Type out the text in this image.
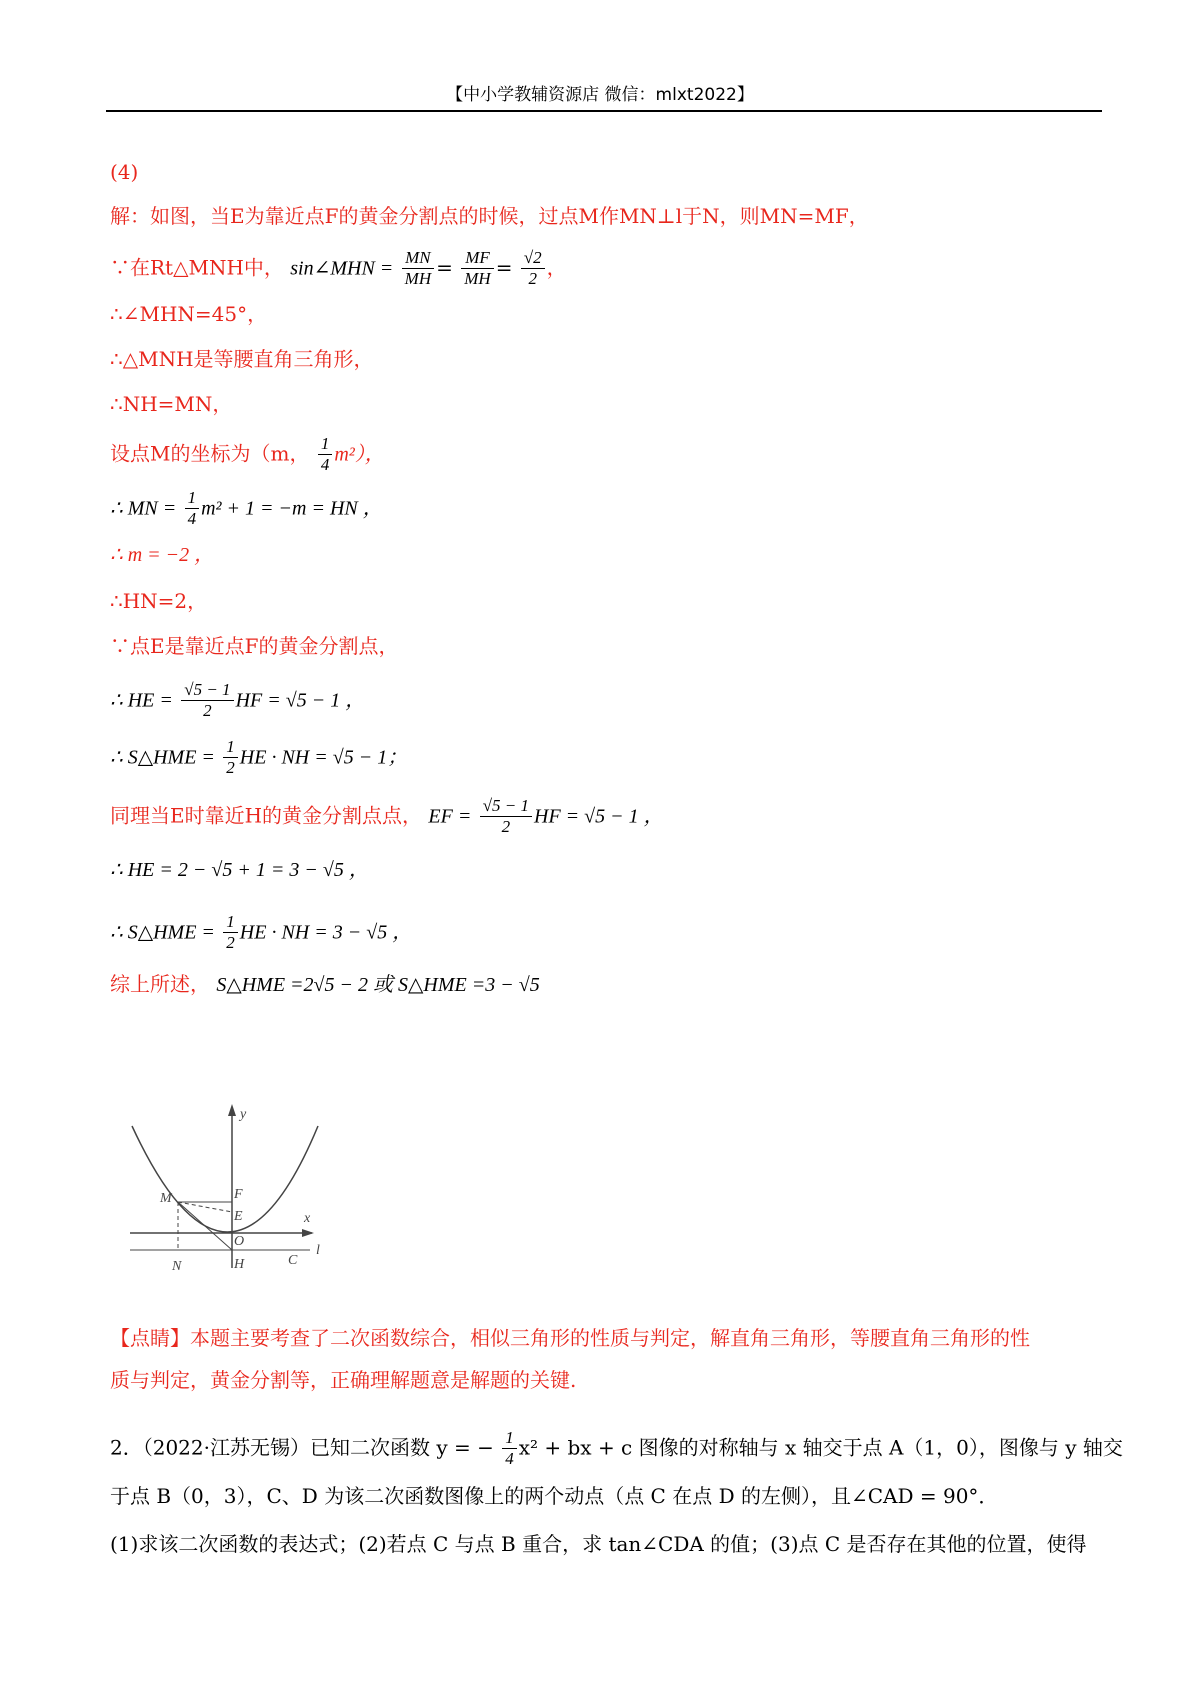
【中小学教辅资源店 微信：mlxt2022】
(4)
解：如图，当E为靠近点F的黄金分割点的时候，过点M作MN⊥l于N，则MN=MF，
∵在Rt△MNH中， sin∠MHN = $\frac{MN}{MH} = \frac{MF}{MH} = \frac{√2}{2}$ ，
∴∠MHN=45°，
∴△MNH是等腰直角三角形，
∴NH=MN，
设点M的坐标为（m， $\frac{1}{4} m^2$），
∴ MN = $\frac{1}{4} m^2 + 1 = -m$ = HN ，
∴ m = −2 ，
∴HN=2，
∵点E是靠近点F的黄金分割点，
∴ HE = $\frac{√5 - 1}{2}$ HF = √5 − 1 ，
∴ S△HME = $\frac{1}{2}$ HE · NH = √5 − 1；
同理当E时靠近H的黄金分割点点， EF = $\frac{√5 - 1}{2}$ HF = √5 − 1 ，
∴ HE = 2 − √5 + 1 = 3 − √5 ，
∴ S△HME = $\frac{1}{2}$ HE · NH = 3 − √5 ，
综上所述， S△HME =2√5 − 2 或 S△HME =3 − √5
x
y
l
M	F
E
O
N	H	C
【点睛】本题主要考查了二次函数综合，相似三角形的性质与判定，解直角三角形，等腰直角三角形的性
质与判定，黄金分割等，正确理解题意是解题的关键.
2．（2022·江苏无锡）已知二次函数 y = − $\frac{1}{4} x^2$ + bx + c 图像的对称轴与 x 轴交于点 A（1，0），图像与 y 轴交
于点 B（0，3），C、D 为该二次函数图像上的两个动点（点 C 在点 D 的左侧），且∠CAD = 90°．
(1)求该二次函数的表达式；(2)若点 C 与点 B 重合，求 tan∠CDA 的值；(3)点 C 是否存在其他的位置，使得
